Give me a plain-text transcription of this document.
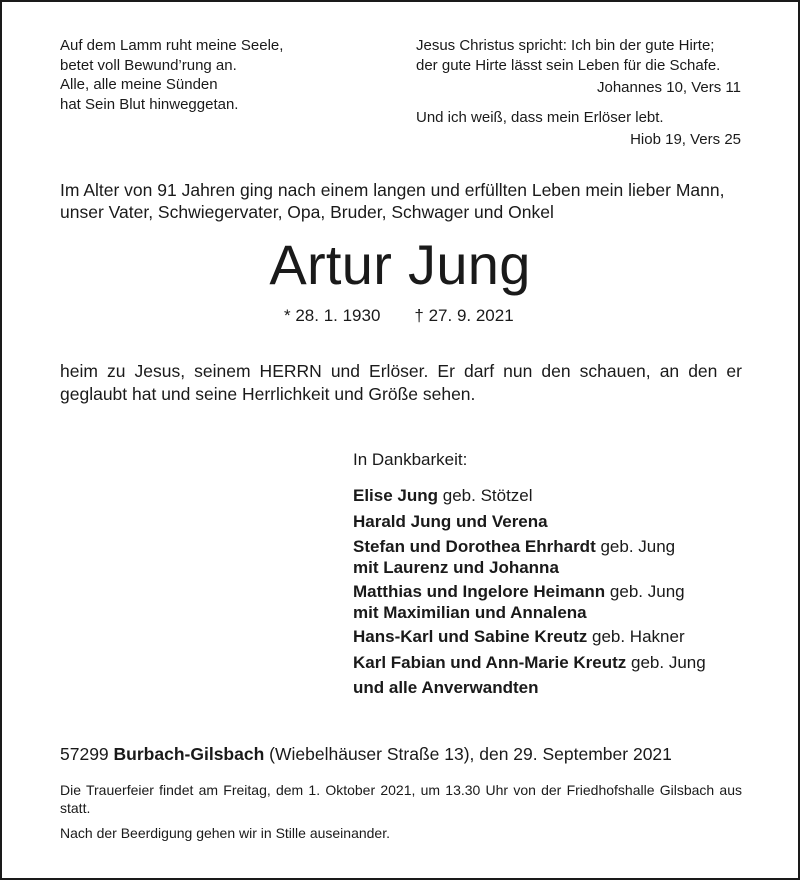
Auf dem Lamm ruht meine Seele,
betet voll Bewund’rung an.
Alle, alle meine Sünden
hat Sein Blut hinweggetan.
Jesus Christus spricht: Ich bin der gute Hirte;
der gute Hirte lässt sein Leben für die Schafe.
Johannes 10, Vers 11
Und ich weiß, dass mein Erlöser lebt.
Hiob 19, Vers 25
Im Alter von 91 Jahren ging nach einem langen und erfüllten Leben mein lieber Mann,
unser Vater, Schwiegervater, Opa, Bruder, Schwager und Onkel
Artur Jung
* 28. 1. 1930 † 27. 9. 2021
heim zu Jesus, seinem HERRN und Erlöser. Er darf nun den schauen, an den er geglaubt hat und seine Herrlichkeit und Größe sehen.
In Dankbarkeit:
Elise Jung geb. Stötzel
Harald Jung und Verena
Stefan und Dorothea Ehrhardt geb. Jung
mit Laurenz und Johanna
Matthias und Ingelore Heimann geb. Jung
mit Maximilian und Annalena
Hans-Karl und Sabine Kreutz geb. Hakner
Karl Fabian und Ann-Marie Kreutz geb. Jung
und alle Anverwandten
57299 Burbach-Gilsbach (Wiebelhäuser Straße 13), den 29. September 2021
Die Trauerfeier findet am Freitag, dem 1. Oktober 2021, um 13.30 Uhr von der Friedhofshalle Gilsbach aus statt.
Nach der Beerdigung gehen wir in Stille auseinander.
